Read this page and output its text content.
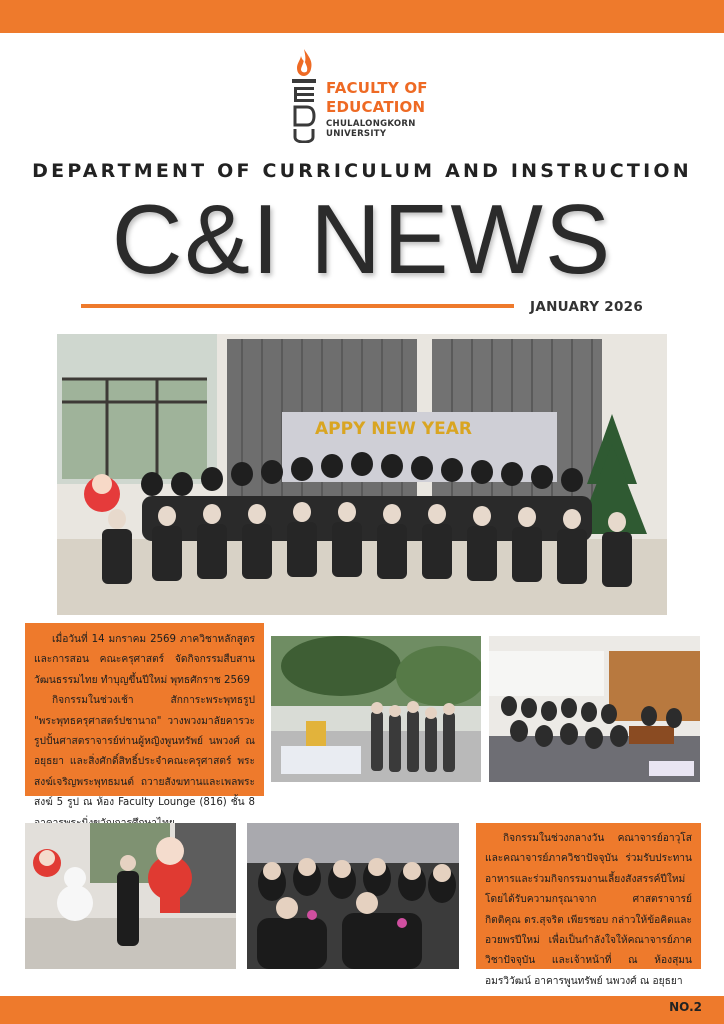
FACULTY OF
EDUCATION
CHULALONGKORN
UNIVERSITY
DEPARTMENT OF CURRICULUM AND INSTRUCTION
C&I NEWS
JANUARY 2026
APPY NEW YEAR

เมื่อวันที่ 14 มกราคม 2569 ภาควิชาหลักสูตรและการสอน คณะครุศาสตร์ จัดกิจกรรมสืบสานวัฒนธรรมไทย ทำบุญขึ้นปีใหม่ พุทธศักราช 2569

กิจกรรมในช่วงเช้า สักการะพระพุทธรูป "พระพุทธครุศาสตร์ปชานาถ" วางพวงมาลัยคารวะรูปปั้นศาสตราจารย์ท่านผู้หญิงพูนทรัพย์ นพวงศ์ ณ อยุธยา และสิ่งศักดิ์สิทธิ์ประจำคณะครุศาสตร์ พระสงฆ์เจริญพระพุทธมนต์ ถวายสังฆทานและเพลพระสงฆ์ 5 รูป ณ ห้อง Faculty Lounge (816) ชั้น 8

กิจกรรมในช่วงกลางวัน คณาจารย์อาวุโส และคณาจารย์ภาควิชาปัจจุบัน ร่วมรับประทานอาหารและร่วมกิจกรรมงานเลี้ยงสังสรรค์ปีใหม่ โดยได้รับความกรุณาจาก ศาสตราจารย์กิตติคุณ ดร.สุจริต เพียรชอบ กล่าวให้ข้อคิดและอวยพรปีใหม่ เพื่อเป็นกำลังใจให้คณาจารย์ภาควิชาปัจจุบัน และเจ้าหน้าที่ ณ ห้องสุมน อมรวิวัฒน์ อาคารพูนทรัพย์ นพวงศ์ ณ อยุธยา

NO.2
